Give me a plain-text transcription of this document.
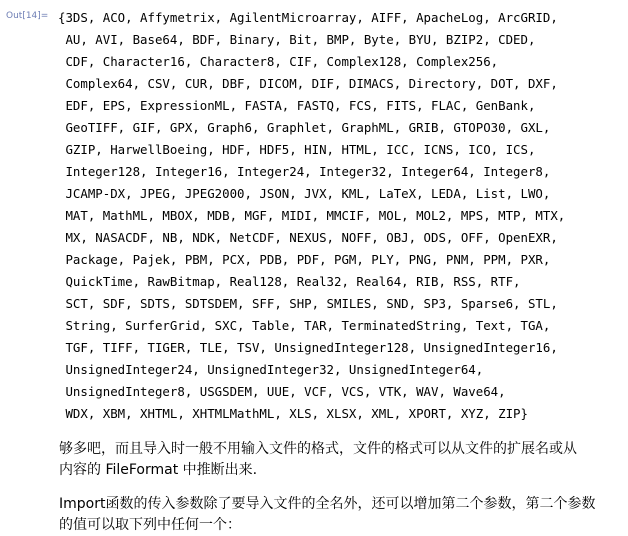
Out[14]= {3DS, ACO, Affymetrix, AgilentMicroarray, AIFF, ApacheLog, ArcGRID,
AU, AVI, Base64, BDF, Binary, Bit, BMP, Byte, BYU, BZIP2, CDED,
CDF, Character16, Character8, CIF, Complex128, Complex256,
Complex64, CSV, CUR, DBF, DICOM, DIF, DIMACS, Directory, DOT, DXF,
EDF, EPS, ExpressionML, FASTA, FASTQ, FCS, FITS, FLAC, GenBank,
GeoTIFF, GIF, GPX, Graph6, Graphlet, GraphML, GRIB, GTOPO30, GXL,
GZIP, HarwellBoeing, HDF, HDF5, HIN, HTML, ICC, ICNS, ICO, ICS,
Integer128, Integer16, Integer24, Integer32, Integer64, Integer8,
JCAMP-DX, JPEG, JPEG2000, JSON, JVX, KML, LaTeX, LEDA, List, LWO,
MAT, MathML, MBOX, MDB, MGF, MIDI, MMCIF, MOL, MOL2, MPS, MTP, MTX,
MX, NASACDF, NB, NDK, NetCDF, NEXUS, NOFF, OBJ, ODS, OFF, OpenEXR,
Package, Pajek, PBM, PCX, PDB, PDF, PGM, PLY, PNG, PNM, PPM, PXR,
QuickTime, RawBitmap, Real128, Real32, Real64, RIB, RSS, RTF,
SCT, SDF, SDTS, SDTSDEM, SFF, SHP, SMILES, SND, SP3, Sparse6, STL,
String, SurferGrid, SXC, Table, TAR, TerminatedString, Text, TGA,
TGF, TIFF, TIGER, TLE, TSV, UnsignedInteger128, UnsignedInteger16,
UnsignedInteger24, UnsignedInteger32, UnsignedInteger64,
UnsignedInteger8, USGSDEM, UUE, VCF, VCS, VTK, WAV, Wave64,
WDX, XBM, XHTML, XHTMLMathML, XLS, XLSX, XML, XPORT, XYZ, ZIP}
够多吧，而且导入时一般不用输入文件的格式，文件的格式可以从文件的扩展名或从
内容的 FileFormat 中推断出来.
Import函数的传入参数除了要导入文件的全名外，还可以增加第二个参数，第二个参数
的值可以取下列中任何一个：
